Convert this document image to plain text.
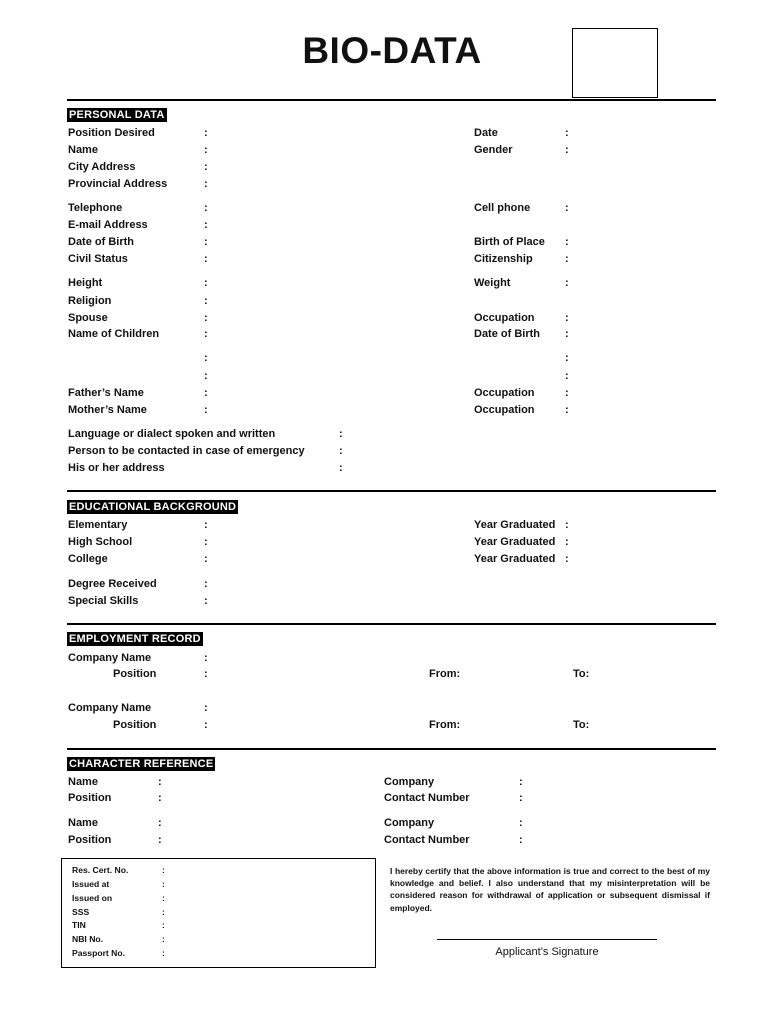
BIO-DATA
PERSONAL DATA
Position Desired	:	Date	:
Name	:	Gender	:
City Address	:
Provincial Address	:
Telephone	:	Cell phone	:
E-mail Address	:
Date of Birth	:	Birth of Place :
Civil Status	:	Citizenship	:
Height	:	Weight	:
Religion	:
Spouse	:	Occupation	:
Name of Children	:	Date of Birth :
:	:
:	:
Father’s Name	:	Occupation	:
Mother’s Name	:	Occupation	:
Language or dialect spoken and written	:
Person to be contacted in case of emergency	:
His or her address	:
EDUCATIONAL BACKGROUND
Elementary	:	Year Graduated :
High School	:	Year Graduated :
College	:	Year Graduated :
Degree Received	:
Special Skills	:
EMPLOYMENT RECORD
Company Name	:
Position	:	From:	To:
Company Name	:
Position	:	From:	To:
CHARACTER REFERENCE
Name	:	Company	:
Position	:	Contact Number	:
Name	:	Company	:
Position	:	Contact Number	:
Res. Cert. No.	:
Issued at	:
Issued on	:
SSS	:
TIN	:
NBI No.	:
Passport No.	:
I hereby certify that the above information is true and correct to the best of my knowledge and belief. I also understand that my misinterpretation will be considered reason for withdrawal of application or subsequent dismissal if employed.
Applicant’s Signature
